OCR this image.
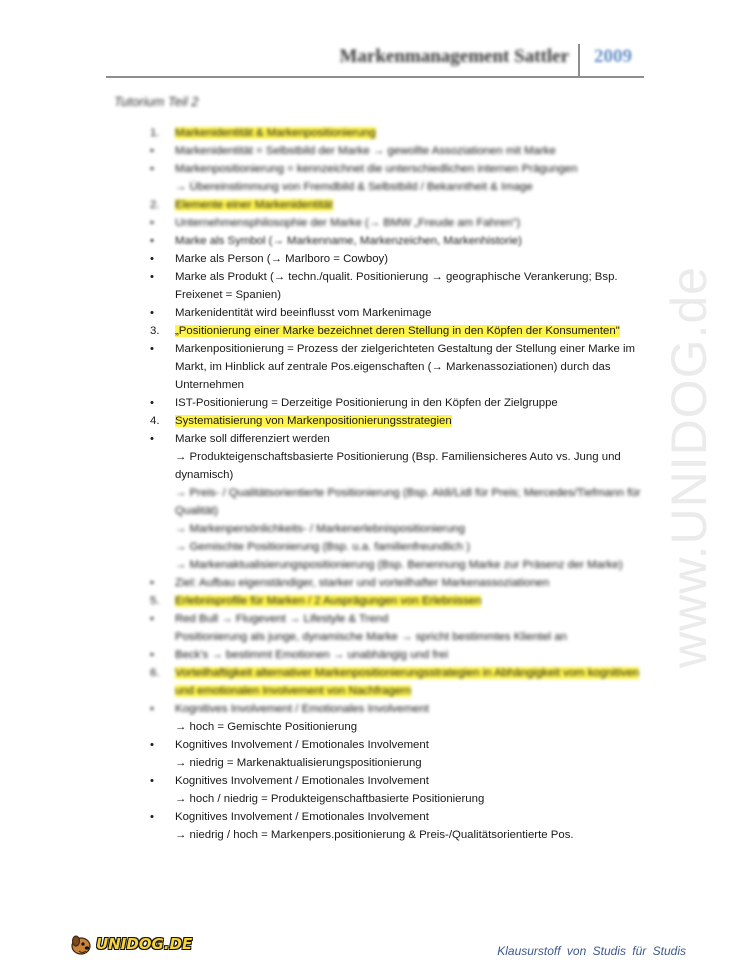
Markenmanagement Sattler 2009
Tutorium Teil 2
1.	Markenidentität & Markenpositionierung
•	Markenidentität = Selbstbild der Marke → gewollte Assoziationen mit Marke
•	Markenpositionierung = kennzeichnet die unterschiedlichen internen Prägungen
→ Übereinstimmung von Fremdbild & Selbstbild / Bekanntheit & Image
2.	Elemente einer Markenidentität
•	Unternehmensphilosophie der Marke (→ BMW „Freude am Fahren")
•	Marke als Symbol (→ Markenname, Markenzeichen, Markenhistorie)
•	Marke als Person (→ Marlboro = Cowboy)
•	Marke als Produkt (→ techn./qualit. Positionierung → geographische Verankerung; Bsp. Freixenet = Spanien)
•	Markenidentität wird beeinflusst vom Markenimage
3.	„Positionierung einer Marke bezeichnet deren Stellung in den Köpfen der Konsumenten"
•	Markenpositionierung = Prozess der zielgerichteten Gestaltung der Stellung einer Marke im Markt, im Hinblick auf zentrale Pos.eigenschaften (→ Markenassoziationen) durch das Unternehmen
•	IST-Positionierung = Derzeitige Positionierung in den Köpfen der Zielgruppe
4.	Systematisierung von Markenpositionierungsstrategien
•	Marke soll differenziert werden
→ Produkteigenschaftsbasierte Positionierung (Bsp. Familiensicheres Auto vs. Jung und dynamisch)
→ Preis- / Qualitätsorientierte Positionierung (Bsp. Aldi/Lidl für Preis; Mercedes/Tiefmann für Qualität)
→ Markenpersönlichkeits- / Markenerlebnispositionierung
→ Gemischte Positionierung (Bsp. u.a. familienfreundlich )
→ Markenaktualisierungspositionierung (Bsp. Benennung Marke zur Präsenz der Marke)
•	Ziel: Aufbau eigenständiger, starker und vorteilhafter Markenassoziationen
5.	Erlebnisprofile für Marken / 2 Ausprägungen von Erlebnissen
•	Red Bull → Flugevent → Lifestyle & Trend
Positionierung als junge, dynamische Marke → spricht bestimmtes Klientel an
•	Beck's → bestimmt Emotionen → unabhängig und frei
6.	Vorteilhaftigkeit alternativer Markenpositionierungsstrategien in Abhängigkeit vom kognitiven und emotionalen Involvement von Nachfragern
•	Kognitives Involvement / Emotionales Involvement
→ hoch = Gemischte Positionierung
•	Kognitives Involvement / Emotionales Involvement
→ niedrig = Markenaktualisierungspositionierung
•	Kognitives Involvement / Emotionales Involvement
→ hoch / niedrig = Produkteigenschaftbasierte Positionierung
•	Kognitives Involvement / Emotionales Involvement
→ niedrig / hoch = Markenpers.positionierung & Preis-/Qualitätsorientierte Pos.
www.UNIDOG.de
UNIDOG.DE	Klausurstoff von Studis für Studis
